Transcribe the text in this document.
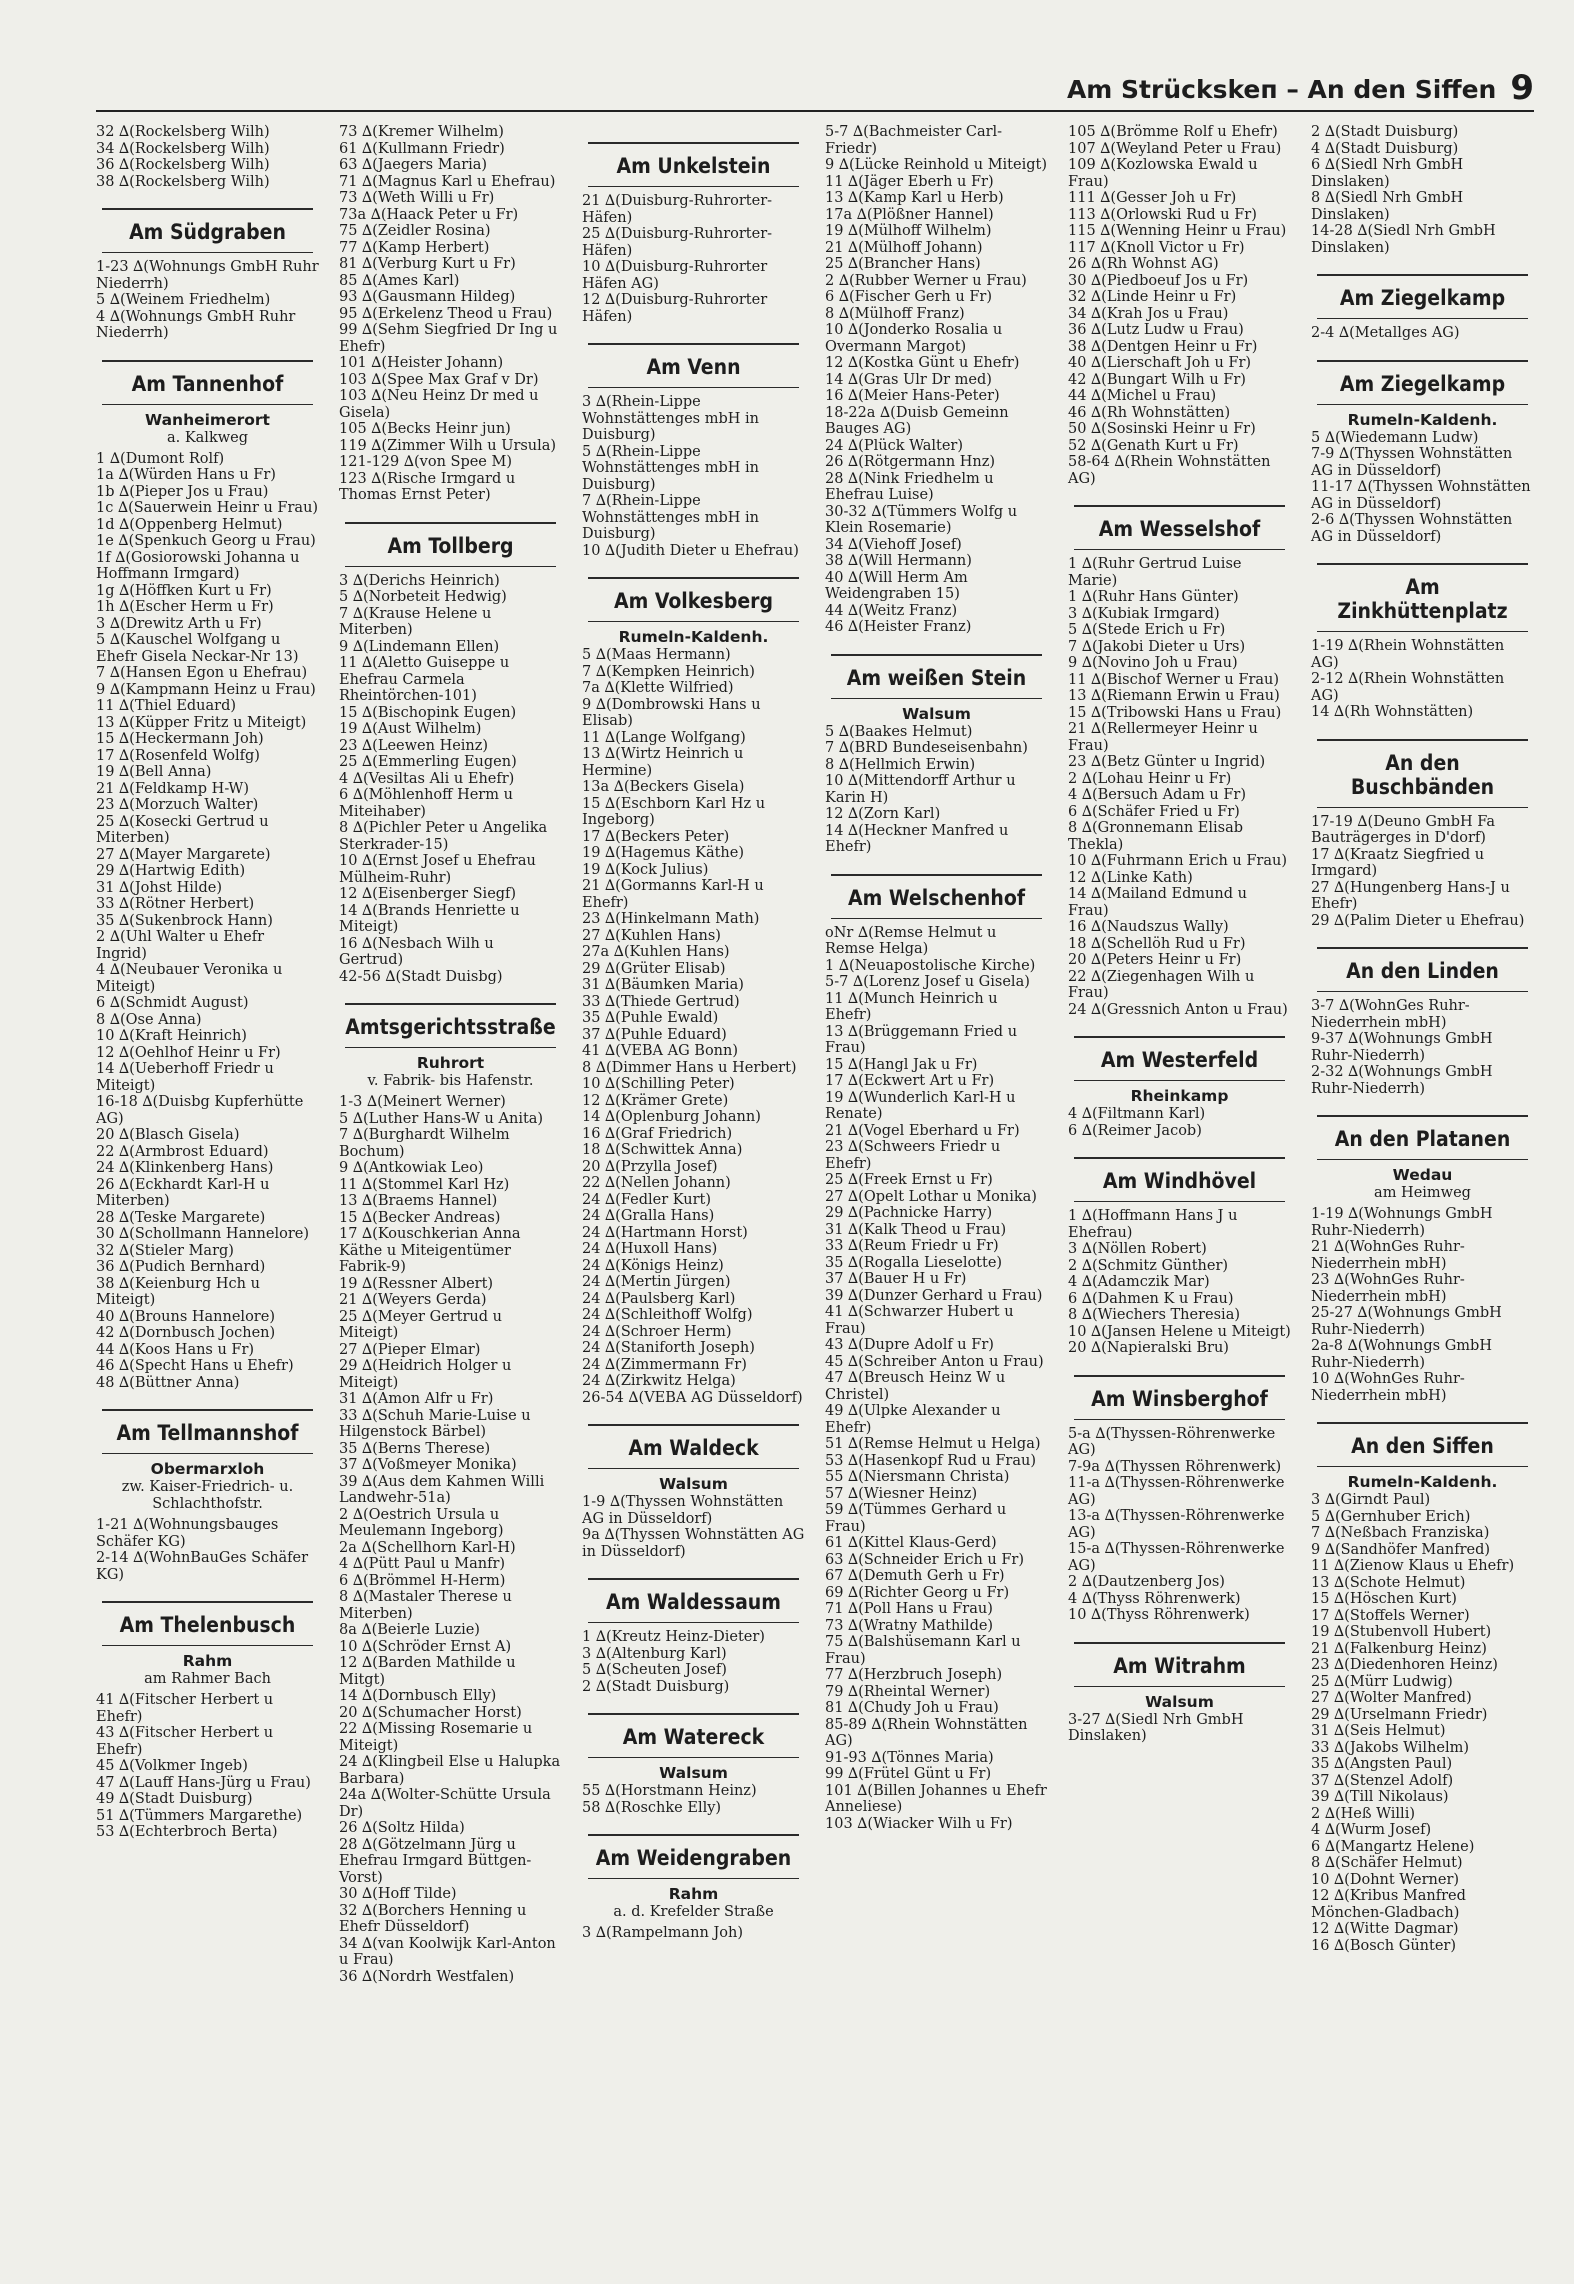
Am Strückskeп – An den Siffen 9
32 ∆(Rockelsberg Wilh)
34 ∆(Rockelsberg Wilh)
36 ∆(Rockelsberg Wilh)
38 ∆(Rockelsberg Wilh)
Am Südgraben
1-23 ∆(Wohnungs GmbH Ruhr Niederrh)
5 ∆(Weinem Friedhelm)
4 ∆(Wohnungs GmbH Ruhr Niederrh)
Am Tannenhof
Wanheimerort
a. Kalkweg
1 ∆(Dumont Rolf)
1a ∆(Würden Hans u Fr)
1b ∆(Pieper Jos u Frau)
1c ∆(Sauerwein Heinr u Frau)
1d ∆(Oppenberg Helmut)
1e ∆(Spenkuch Georg u Frau)
1f ∆(Gosiorowski Johanna u Hoffmann Irmgard)
1g ∆(Höffken Kurt u Fr)
1h ∆(Escher Herm u Fr)
3 ∆(Drewitz Arth u Fr)
5 ∆(Kauschel Wolfgang u Ehefr Gisela Neckar-Nr 13)
7 ∆(Hansen Egon u Ehefrau)
9 ∆(Kampmann Heinz u Frau)
11 ∆(Thiel Eduard)
13 ∆(Küpper Fritz u Miteigt)
15 ∆(Heckermann Joh)
17 ∆(Rosenfeld Wolfg)
19 ∆(Bell Anna)
21 ∆(Feldkamp H-W)
23 ∆(Morzuch Walter)
25 ∆(Kosecki Gertrud u Miterben)
27 ∆(Mayer Margarete)
29 ∆(Hartwig Edith)
31 ∆(Johst Hilde)
33 ∆(Rötner Herbert)
35 ∆(Sukenbrock Hann)
2 ∆(Uhl Walter u Ehefr Ingrid)
4 ∆(Neubauer Veronika u Miteigt)
6 ∆(Schmidt August)
8 ∆(Ose Anna)
10 ∆(Kraft Heinrich)
12 ∆(Oehlhof Heinr u Fr)
14 ∆(Ueberhoff Friedr u Miteigt)
16-18 ∆(Duisbg Kupferhütte AG)
20 ∆(Blasch Gisela)
22 ∆(Armbrost Eduard)
24 ∆(Klinkenberg Hans)
26 ∆(Eckhardt Karl-H u Miterben)
28 ∆(Teske Margarete)
30 ∆(Schollmann Hannelore)
32 ∆(Stieler Marg)
36 ∆(Pudich Bernhard)
38 ∆(Keienburg Hch u Miteigt)
40 ∆(Brouns Hannelore)
42 ∆(Dornbusch Jochen)
44 ∆(Koos Hans u Fr)
46 ∆(Specht Hans u Ehefr)
48 ∆(Büttner Anna)
Am Tellmannshof
Obermarxloh
zw. Kaiser-Friedrich- u. Schlachthofstr.
1-21 ∆(Wohnungsbauges Schäfer KG)
2-14 ∆(WohnBauGes Schäfer KG)
Am Thelenbusch
Rahm
am Rahmer Bach
41 ∆(Fitscher Herbert u Ehefr)
43 ∆(Fitscher Herbert u Ehefr)
45 ∆(Volkmer Ingeb)
47 ∆(Lauff Hans-Jürg u Frau)
49 ∆(Stadt Duisburg)
51 ∆(Tümmers Margarethe)
53 ∆(Echterbroch Berta)
73 ∆(Kremer Wilhelm)
61 ∆(Kullmann Friedr)
63 ∆(Jaegers Maria)
71 ∆(Magnus Karl u Ehefrau)
73 ∆(Weth Willi u Fr)
73a ∆(Haack Peter u Fr)
75 ∆(Zeidler Rosina)
77 ∆(Kamp Herbert)
81 ∆(Verburg Kurt u Fr)
85 ∆(Ames Karl)
93 ∆(Gausmann Hildeg)
95 ∆(Erkelenz Theod u Frau)
99 ∆(Sehm Siegfried Dr Ing u Ehefr)
101 ∆(Heister Johann)
103 ∆(Spee Max Graf v Dr)
103 ∆(Neu Heinz Dr med u Gisela)
105 ∆(Becks Heinr jun)
119 ∆(Zimmer Wilh u Ursula)
121-129 ∆(von Spee M)
123 ∆(Rische Irmgard u Thomas Ernst Peter)
Am Tollberg
3 ∆(Derichs Heinrich)
5 ∆(Norbeteit Hedwig)
7 ∆(Krause Helene u Miterben)
9 ∆(Lindemann Ellen)
11 ∆(Aletto Guiseppe u Ehefrau Carmela Rheintörchen-101)
15 ∆(Bischopink Eugen)
19 ∆(Aust Wilhelm)
23 ∆(Leewen Heinz)
25 ∆(Emmerling Eugen)
4 ∆(Vesiltas Ali u Ehefr)
6 ∆(Möhlenhoff Herm u Miteihaber)
8 ∆(Pichler Peter u Angelika Sterkrader-15)
10 ∆(Ernst Josef u Ehefrau Mülheim-Ruhr)
12 ∆(Eisenberger Siegf)
14 ∆(Brands Henriette u Miteigt)
16 ∆(Nesbach Wilh u Gertrud)
42-56 ∆(Stadt Duisbg)
Amtsgerichtsstraße
Ruhrort
v. Fabrik- bis Hafenstr.
1-3 ∆(Meinert Werner)
5 ∆(Luther Hans-W u Anita)
7 ∆(Burghardt Wilhelm Bochum)
9 ∆(Antkowiak Leo)
11 ∆(Stommel Karl Hz)
13 ∆(Braems Hannel)
15 ∆(Becker Andreas)
17 ∆(Kouschkerian Anna Käthe u Miteigentümer Fabrik-9)
19 ∆(Ressner Albert)
21 ∆(Weyers Gerda)
25 ∆(Meyer Gertrud u Miteigt)
27 ∆(Pieper Elmar)
29 ∆(Heidrich Holger u Miteigt)
31 ∆(Amon Alfr u Fr)
33 ∆(Schuh Marie-Luise u Hilgenstock Bärbel)
35 ∆(Berns Therese)
37 ∆(Voßmeyer Monika)
39 ∆(Aus dem Kahmen Willi Landwehr-51a)
2 ∆(Oestrich Ursula u Meulemann Ingeborg)
2a ∆(Schellhorn Karl-H)
4 ∆(Pütt Paul u Manfr)
6 ∆(Brömmel H-Herm)
8 ∆(Mastaler Therese u Miterben)
8a ∆(Beierle Luzie)
10 ∆(Schröder Ernst A)
12 ∆(Barden Mathilde u Mitgt)
14 ∆(Dornbusch Elly)
20 ∆(Schumacher Horst)
22 ∆(Missing Rosemarie u Miteigt)
24 ∆(Klingbeil Else u Halupka Barbara)
24a ∆(Wolter-Schütte Ursula Dr)
26 ∆(Soltz Hilda)
28 ∆(Götzelmann Jürg u Ehefrau Irmgard Büttgen-Vorst)
30 ∆(Hoff Tilde)
32 ∆(Borchers Henning u Ehefr Düsseldorf)
34 ∆(van Koolwijk Karl-Anton u Frau)
36 ∆(Nordrh Westfalen)
Am Unkelstein
21 ∆(Duisburg-Ruhrorter-Häfen)
25 ∆(Duisburg-Ruhrorter-Häfen)
10 ∆(Duisburg-Ruhrorter Häfen AG)
12 ∆(Duisburg-Ruhrorter Häfen)
Am Venn
3 ∆(Rhein-Lippe Wohnstättenges mbH in Duisburg)
5 ∆(Rhein-Lippe Wohnstättenges mbH in Duisburg)
7 ∆(Rhein-Lippe Wohnstättenges mbH in Duisburg)
10 ∆(Judith Dieter u Ehefrau)
Am Volkesberg
Rumeln-Kaldenh.
5 ∆(Maas Hermann)
7 ∆(Kempken Heinrich)
7a ∆(Klette Wilfried)
9 ∆(Dombrowski Hans u Elisab)
11 ∆(Lange Wolfgang)
13 ∆(Wirtz Heinrich u Hermine)
13a ∆(Beckers Gisela)
15 ∆(Eschborn Karl Hz u Ingeborg)
17 ∆(Beckers Peter)
19 ∆(Hagemus Käthe)
19 ∆(Kock Julius)
21 ∆(Gormanns Karl-H u Ehefr)
23 ∆(Hinkelmann Math)
27 ∆(Kuhlen Hans)
27a ∆(Kuhlen Hans)
29 ∆(Grüter Elisab)
31 ∆(Bäumken Maria)
33 ∆(Thiede Gertrud)
35 ∆(Puhle Ewald)
37 ∆(Puhle Eduard)
41 ∆(VEBA AG Bonn)
8 ∆(Dimmer Hans u Herbert)
10 ∆(Schilling Peter)
12 ∆(Krämer Grete)
14 ∆(Oplenburg Johann)
16 ∆(Graf Friedrich)
18 ∆(Schwittek Anna)
20 ∆(Przylla Josef)
22 ∆(Nellen Johann)
24 ∆(Fedler Kurt)
24 ∆(Gralla Hans)
24 ∆(Hartmann Horst)
24 ∆(Huxoll Hans)
24 ∆(Königs Heinz)
24 ∆(Mertin Jürgen)
24 ∆(Paulsberg Karl)
24 ∆(Schleithoff Wolfg)
24 ∆(Schroer Herm)
24 ∆(Staniforth Joseph)
24 ∆(Zimmermann Fr)
24 ∆(Zirkwitz Helga)
26-54 ∆(VEBA AG Düsseldorf)
Am Waldeck
Walsum
1-9 ∆(Thyssen Wohnstätten AG in Düsseldorf)
9a ∆(Thyssen Wohnstätten AG in Düsseldorf)
Am Waldessaum
1 ∆(Kreutz Heinz-Dieter)
3 ∆(Altenburg Karl)
5 ∆(Scheuten Josef)
2 ∆(Stadt Duisburg)
Am Watereck
Walsum
55 ∆(Horstmann Heinz)
58 ∆(Roschke Elly)
Am Weidengraben
Rahm
a. d. Krefelder Straße
3 ∆(Rampelmann Joh)
5-7 ∆(Bachmeister Carl-Friedr)
9 ∆(Lücke Reinhold u Miteigt)
11 ∆(Jäger Eberh u Fr)
13 ∆(Kamp Karl u Herb)
17a ∆(Plößner Hannel)
19 ∆(Mülhoff Wilhelm)
21 ∆(Mülhoff Johann)
25 ∆(Brancher Hans)
2 ∆(Rubber Werner u Frau)
6 ∆(Fischer Gerh u Fr)
8 ∆(Mülhoff Franz)
10 ∆(Jonderko Rosalia u Overmann Margot)
12 ∆(Kostka Günt u Ehefr)
14 ∆(Gras Ulr Dr med)
16 ∆(Meier Hans-Peter)
18-22a ∆(Duisb Gemeinn Bauges AG)
24 ∆(Plück Walter)
26 ∆(Rötgermann Hnz)
28 ∆(Nink Friedhelm u Ehefrau Luise)
30-32 ∆(Tümmers Wolfg u Klein Rosemarie)
34 ∆(Viehoff Josef)
38 ∆(Will Hermann)
40 ∆(Will Herm Am Weidengraben 15)
44 ∆(Weitz Franz)
46 ∆(Heister Franz)
Am weißen Stein
Walsum
5 ∆(Baakes Helmut)
7 ∆(BRD Bundeseisenbahn)
8 ∆(Hellmich Erwin)
10 ∆(Mittendorff Arthur u Karin H)
12 ∆(Zorn Karl)
14 ∆(Heckner Manfred u Ehefr)
Am Welschenhof
oNr ∆(Remse Helmut u Remse Helga)
1 ∆(Neuapostolische Kirche)
5-7 ∆(Lorenz Josef u Gisela)
11 ∆(Munch Heinrich u Ehefr)
13 ∆(Brüggemann Fried u Frau)
15 ∆(Hangl Jak u Fr)
17 ∆(Eckwert Art u Fr)
19 ∆(Wunderlich Karl-H u Renate)
21 ∆(Vogel Eberhard u Fr)
23 ∆(Schweers Friedr u Ehefr)
25 ∆(Freek Ernst u Fr)
27 ∆(Opelt Lothar u Monika)
29 ∆(Pachnicke Harry)
31 ∆(Kalk Theod u Frau)
33 ∆(Reum Friedr u Fr)
35 ∆(Rogalla Lieselotte)
37 ∆(Bauer H u Fr)
39 ∆(Dunzer Gerhard u Frau)
41 ∆(Schwarzer Hubert u Frau)
43 ∆(Dupre Adolf u Fr)
45 ∆(Schreiber Anton u Frau)
47 ∆(Breusch Heinz W u Christel)
49 ∆(Ulpke Alexander u Ehefr)
51 ∆(Remse Helmut u Helga)
53 ∆(Hasenkopf Rud u Frau)
55 ∆(Niersmann Christa)
57 ∆(Wiesner Heinz)
59 ∆(Tümmes Gerhard u Frau)
61 ∆(Kittel Klaus-Gerd)
63 ∆(Schneider Erich u Fr)
67 ∆(Demuth Gerh u Fr)
69 ∆(Richter Georg u Fr)
71 ∆(Poll Hans u Frau)
73 ∆(Wratny Mathilde)
75 ∆(Balshüsemann Karl u Frau)
77 ∆(Herzbruch Joseph)
79 ∆(Rheintal Werner)
81 ∆(Chudy Joh u Frau)
85-89 ∆(Rhein Wohnstätten AG)
91-93 ∆(Tönnes Maria)
99 ∆(Frütel Günt u Fr)
101 ∆(Billen Johannes u Ehefr Anneliese)
103 ∆(Wiacker Wilh u Fr)
105 ∆(Brömme Rolf u Ehefr)
107 ∆(Weyland Peter u Frau)
109 ∆(Kozlowska Ewald u Frau)
111 ∆(Gesser Joh u Fr)
113 ∆(Orlowski Rud u Fr)
115 ∆(Wenning Heinr u Frau)
117 ∆(Knoll Victor u Fr)
26 ∆(Rh Wohnst AG)
30 ∆(Piedboeuf Jos u Fr)
32 ∆(Linde Heinr u Fr)
34 ∆(Krah Jos u Frau)
36 ∆(Lutz Ludw u Frau)
38 ∆(Dentgen Heinr u Fr)
40 ∆(Lierschaft Joh u Fr)
42 ∆(Bungart Wilh u Fr)
44 ∆(Michel u Frau)
46 ∆(Rh Wohnstätten)
50 ∆(Sosinski Heinr u Fr)
52 ∆(Genath Kurt u Fr)
58-64 ∆(Rhein Wohnstätten AG)
Am Wesselshof
1 ∆(Ruhr Gertrud Luise Marie)
1 ∆(Ruhr Hans Günter)
3 ∆(Kubiak Irmgard)
5 ∆(Stede Erich u Fr)
7 ∆(Jakobi Dieter u Urs)
9 ∆(Novino Joh u Frau)
11 ∆(Bischof Werner u Frau)
13 ∆(Riemann Erwin u Frau)
15 ∆(Tribowski Hans u Frau)
21 ∆(Rellermeyer Heinr u Frau)
23 ∆(Betz Günter u Ingrid)
2 ∆(Lohau Heinr u Fr)
4 ∆(Bersuch Adam u Fr)
6 ∆(Schäfer Fried u Fr)
8 ∆(Gronnemann Elisab Thekla)
10 ∆(Fuhrmann Erich u Frau)
12 ∆(Linke Kath)
14 ∆(Mailand Edmund u Frau)
16 ∆(Naudszus Wally)
18 ∆(Schellöh Rud u Fr)
20 ∆(Peters Heinr u Fr)
22 ∆(Ziegenhagen Wilh u Frau)
24 ∆(Gressnich Anton u Frau)
Am Westerfeld
Rheinkamp
4 ∆(Filtmann Karl)
6 ∆(Reimer Jacob)
Am Windhövel
1 ∆(Hoffmann Hans J u Ehefrau)
3 ∆(Nöllen Robert)
2 ∆(Schmitz Günther)
4 ∆(Adamczik Mar)
6 ∆(Dahmen K u Frau)
8 ∆(Wiechers Theresia)
10 ∆(Jansen Helene u Miteigt)
20 ∆(Napieralski Bru)
Am Winsberghof
5-a ∆(Thyssen-Röhrenwerke AG)
7-9a ∆(Thyssen Röhrenwerk)
11-a ∆(Thyssen-Röhrenwerke AG)
13-a ∆(Thyssen-Röhrenwerke AG)
15-a ∆(Thyssen-Röhrenwerke AG)
2 ∆(Dautzenberg Jos)
4 ∆(Thyss Röhrenwerk)
10 ∆(Thyss Röhrenwerk)
Am Witrahm
Walsum
3-27 ∆(Siedl Nrh GmbH Dinslaken)
2 ∆(Stadt Duisburg)
4 ∆(Stadt Duisburg)
6 ∆(Siedl Nrh GmbH Dinslaken)
8 ∆(Siedl Nrh GmbH Dinslaken)
14-28 ∆(Siedl Nrh GmbH Dinslaken)
Am Ziegelkamp
2-4 ∆(Metallges AG)
Am Ziegelkamp
Rumeln-Kaldenh.
5 ∆(Wiedemann Ludw)
7-9 ∆(Thyssen Wohnstätten AG in Düsseldorf)
11-17 ∆(Thyssen Wohnstätten AG in Düsseldorf)
2-6 ∆(Thyssen Wohnstätten AG in Düsseldorf)
Am Zinkhüttenplatz
1-19 ∆(Rhein Wohnstätten AG)
2-12 ∆(Rhein Wohnstätten AG)
14 ∆(Rh Wohnstätten)
An den Buschbänden
17-19 ∆(Deuno GmbH Fa Bauträgerges in D'dorf)
17 ∆(Kraatz Siegfried u Irmgard)
27 ∆(Hungenberg Hans-J u Ehefr)
29 ∆(Palim Dieter u Ehefrau)
An den Linden
3-7 ∆(WohnGes Ruhr-Niederrhein mbH)
9-37 ∆(Wohnungs GmbH Ruhr-Niederrh)
2-32 ∆(Wohnungs GmbH Ruhr-Niederrh)
An den Platanen
Wedau
am Heimweg
1-19 ∆(Wohnungs GmbH Ruhr-Niederrh)
21 ∆(WohnGes Ruhr-Niederrhein mbH)
23 ∆(WohnGes Ruhr-Niederrhein mbH)
25-27 ∆(Wohnungs GmbH Ruhr-Niederrh)
2a-8 ∆(Wohnungs GmbH Ruhr-Niederrh)
10 ∆(WohnGes Ruhr-Niederrhein mbH)
An den Siffen
Rumeln-Kaldenh.
3 ∆(Girndt Paul)
5 ∆(Gernhuber Erich)
7 ∆(Neßbach Franziska)
9 ∆(Sandhöfer Manfred)
11 ∆(Zienow Klaus u Ehefr)
13 ∆(Schote Helmut)
15 ∆(Höschen Kurt)
17 ∆(Stoffels Werner)
19 ∆(Stubenvoll Hubert)
21 ∆(Falkenburg Heinz)
23 ∆(Diedenhoren Heinz)
25 ∆(Mürr Ludwig)
27 ∆(Wolter Manfred)
29 ∆(Urselmann Friedr)
31 ∆(Seis Helmut)
33 ∆(Jakobs Wilhelm)
35 ∆(Angsten Paul)
37 ∆(Stenzel Adolf)
39 ∆(Till Nikolaus)
2 ∆(Heß Willi)
4 ∆(Wurm Josef)
6 ∆(Mangartz Helene)
8 ∆(Schäfer Helmut)
10 ∆(Dohnt Werner)
12 ∆(Kribus Manfred Mönchen-Gladbach)
12 ∆(Witte Dagmar)
16 ∆(Bosch Günter)
